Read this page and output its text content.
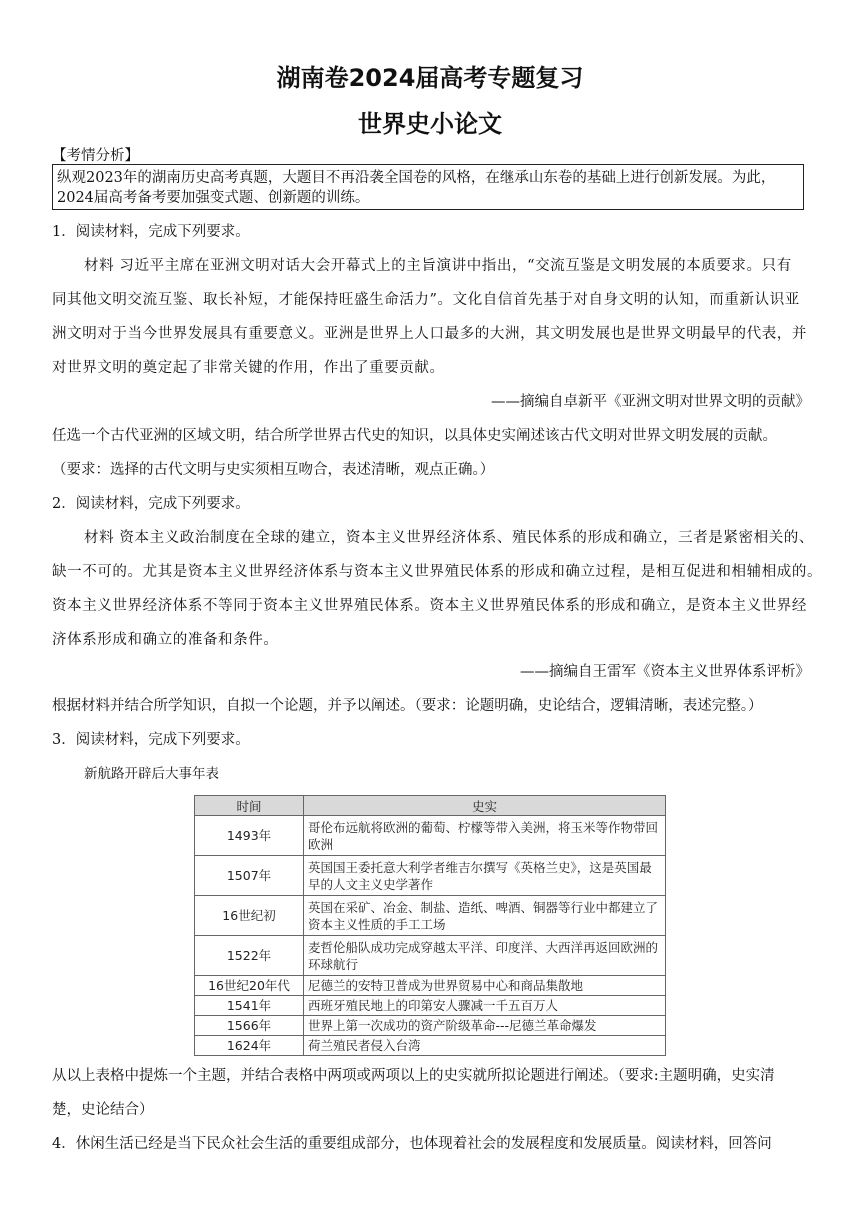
湖南卷2024届高考专题复习
世界史小论文
【考情分析】
纵观2023年的湖南历史高考真题，大题目不再沿袭全国卷的风格，在继承山东卷的基础上进行创新发展。为此，
2024届高考备考要加强变式题、创新题的训练。
1．阅读材料，完成下列要求。
材料 习近平主席在亚洲文明对话大会开幕式上的主旨演讲中指出，“交流互鉴是文明发展的本质要求。只有
同其他文明交流互鉴、取长补短，才能保持旺盛生命活力”。文化自信首先基于对自身文明的认知，而重新认识亚
洲文明对于当今世界发展具有重要意义。亚洲是世界上人口最多的大洲，其文明发展也是世界文明最早的代表，并
对世界文明的奠定起了非常关键的作用，作出了重要贡献。
——摘编自卓新平《亚洲文明对世界文明的贡献》
任选一个古代亚洲的区域文明，结合所学世界古代史的知识，以具体史实阐述该古代文明对世界文明发展的贡献。
（要求：选择的古代文明与史实须相互吻合，表述清晰，观点正确。）
2．阅读材料，完成下列要求。
材料 资本主义政治制度在全球的建立，资本主义世界经济体系、殖民体系的形成和确立，三者是紧密相关的、
缺一不可的。尤其是资本主义世界经济体系与资本主义世界殖民体系的形成和确立过程，是相互促进和相辅相成的。
资本主义世界经济体系不等同于资本主义世界殖民体系。资本主义世界殖民体系的形成和确立，是资本主义世界经
济体系形成和确立的准备和条件。
——摘编自王雷军《资本主义世界体系评析》
根据材料并结合所学知识，自拟一个论题，并予以阐述。（要求：论题明确，史论结合，逻辑清晰，表述完整。）
3．阅读材料，完成下列要求。
新航路开辟后大事年表
时间	史实
1493年	哥伦布远航将欧洲的葡萄、柠檬等带入美洲，将玉米等作物带回欧洲
1507年	英国国王委托意大利学者维吉尔撰写《英格兰史》，这是英国最早的人文主义史学著作
16世纪初	英国在采矿、冶金、制盐、造纸、啤酒、铜器等行业中都建立了资本主义性质的手工工场
1522年	麦哲伦船队成功完成穿越太平洋、印度洋、大西洋再返回欧洲的环球航行
16世纪20年代	尼德兰的安特卫普成为世界贸易中心和商品集散地
1541年	西班牙殖民地上的印第安人骤减一千五百万人
1566年	世界上第一次成功的资产阶级革命---尼德兰革命爆发
1624年	荷兰殖民者侵入台湾
从以上表格中提炼一个主题，并结合表格中两项或两项以上的史实就所拟论题进行阐述。（要求:主题明确，史实清
楚，史论结合）
4．休闲生活已经是当下民众社会生活的重要组成部分，也体现着社会的发展程度和发展质量。阅读材料，回答问
